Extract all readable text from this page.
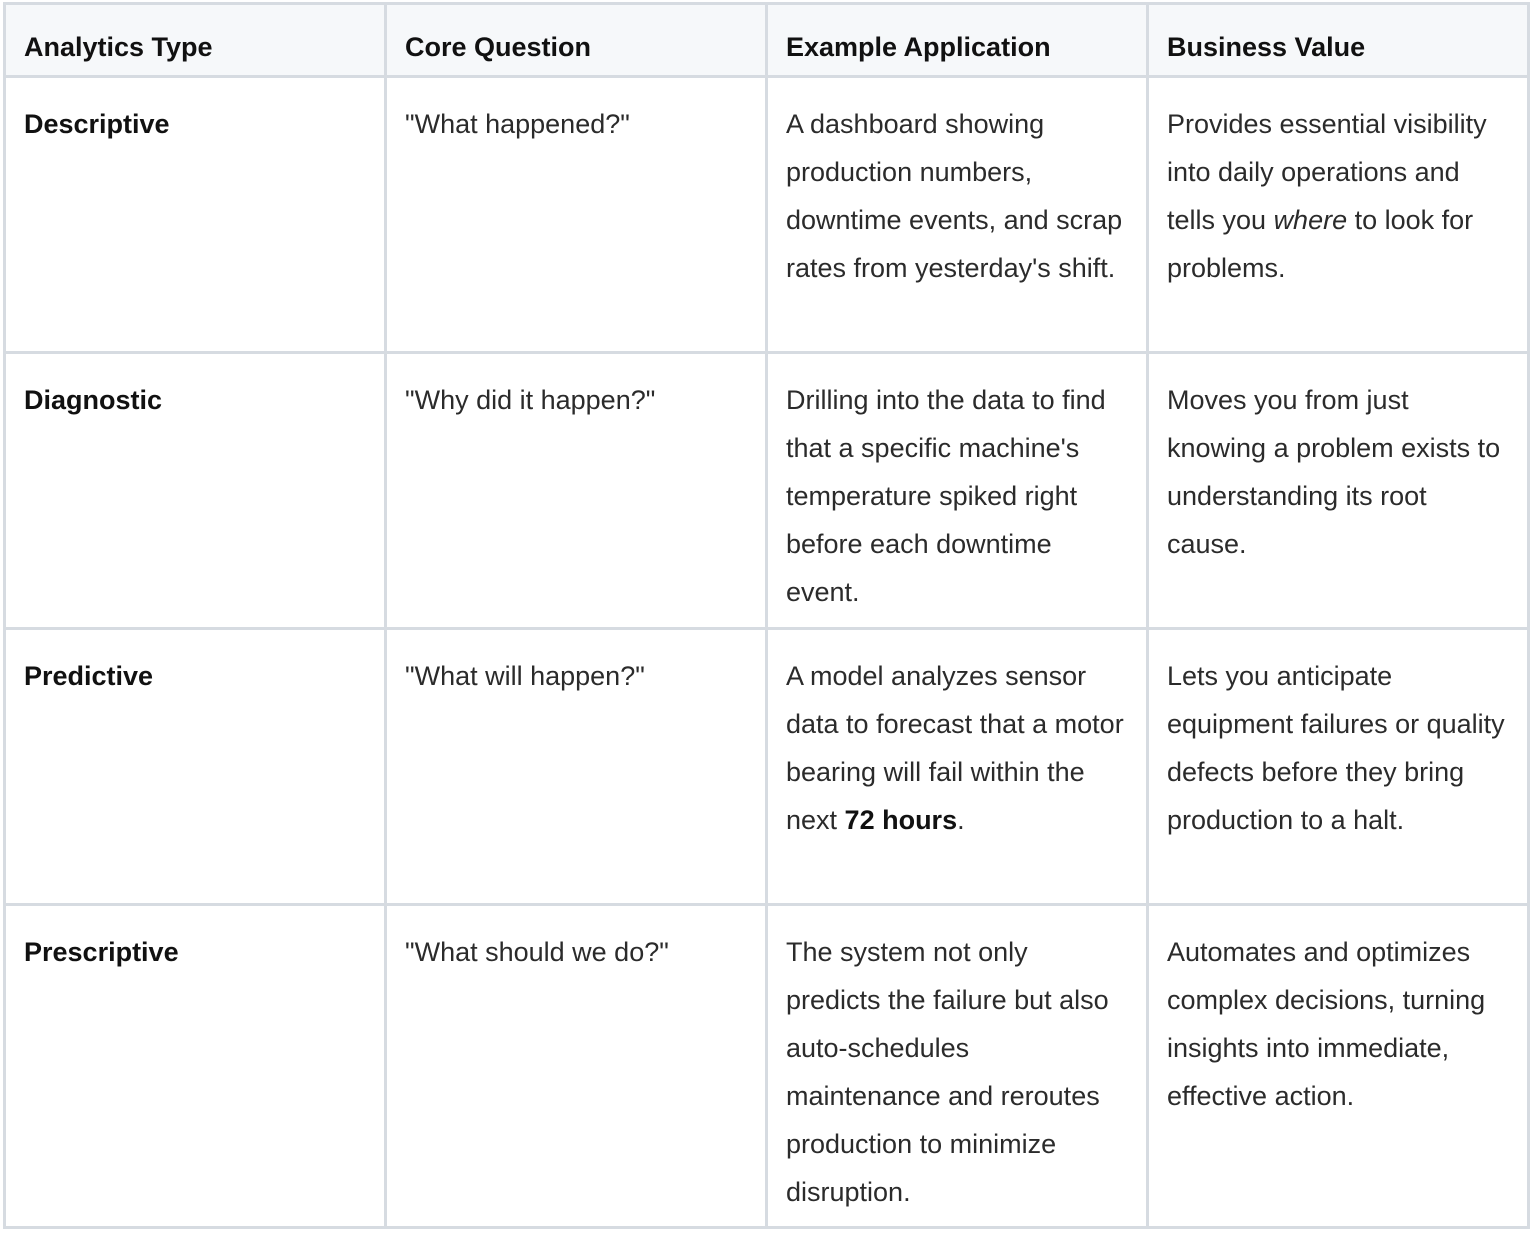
Analytics Type	Core Question	Example Application	Business Value
Descriptive	"What happened?"	A dashboard showing production numbers, downtime events, and scrap rates from yesterday's shift.	Provides essential visibility into daily operations and tells you where to look for problems.
Diagnostic	"Why did it happen?"	Drilling into the data to find that a specific machine's temperature spiked right before each downtime event.	Moves you from just knowing a problem exists to understanding its root cause.
Predictive	"What will happen?"	A model analyzes sensor data to forecast that a motor bearing will fail within the next 72 hours.	Lets you anticipate equipment failures or quality defects before they bring production to a halt.
Prescriptive	"What should we do?"	The system not only predicts the failure but also auto-schedules maintenance and reroutes production to minimize disruption.	Automates and optimizes complex decisions, turning insights into immediate, effective action.
